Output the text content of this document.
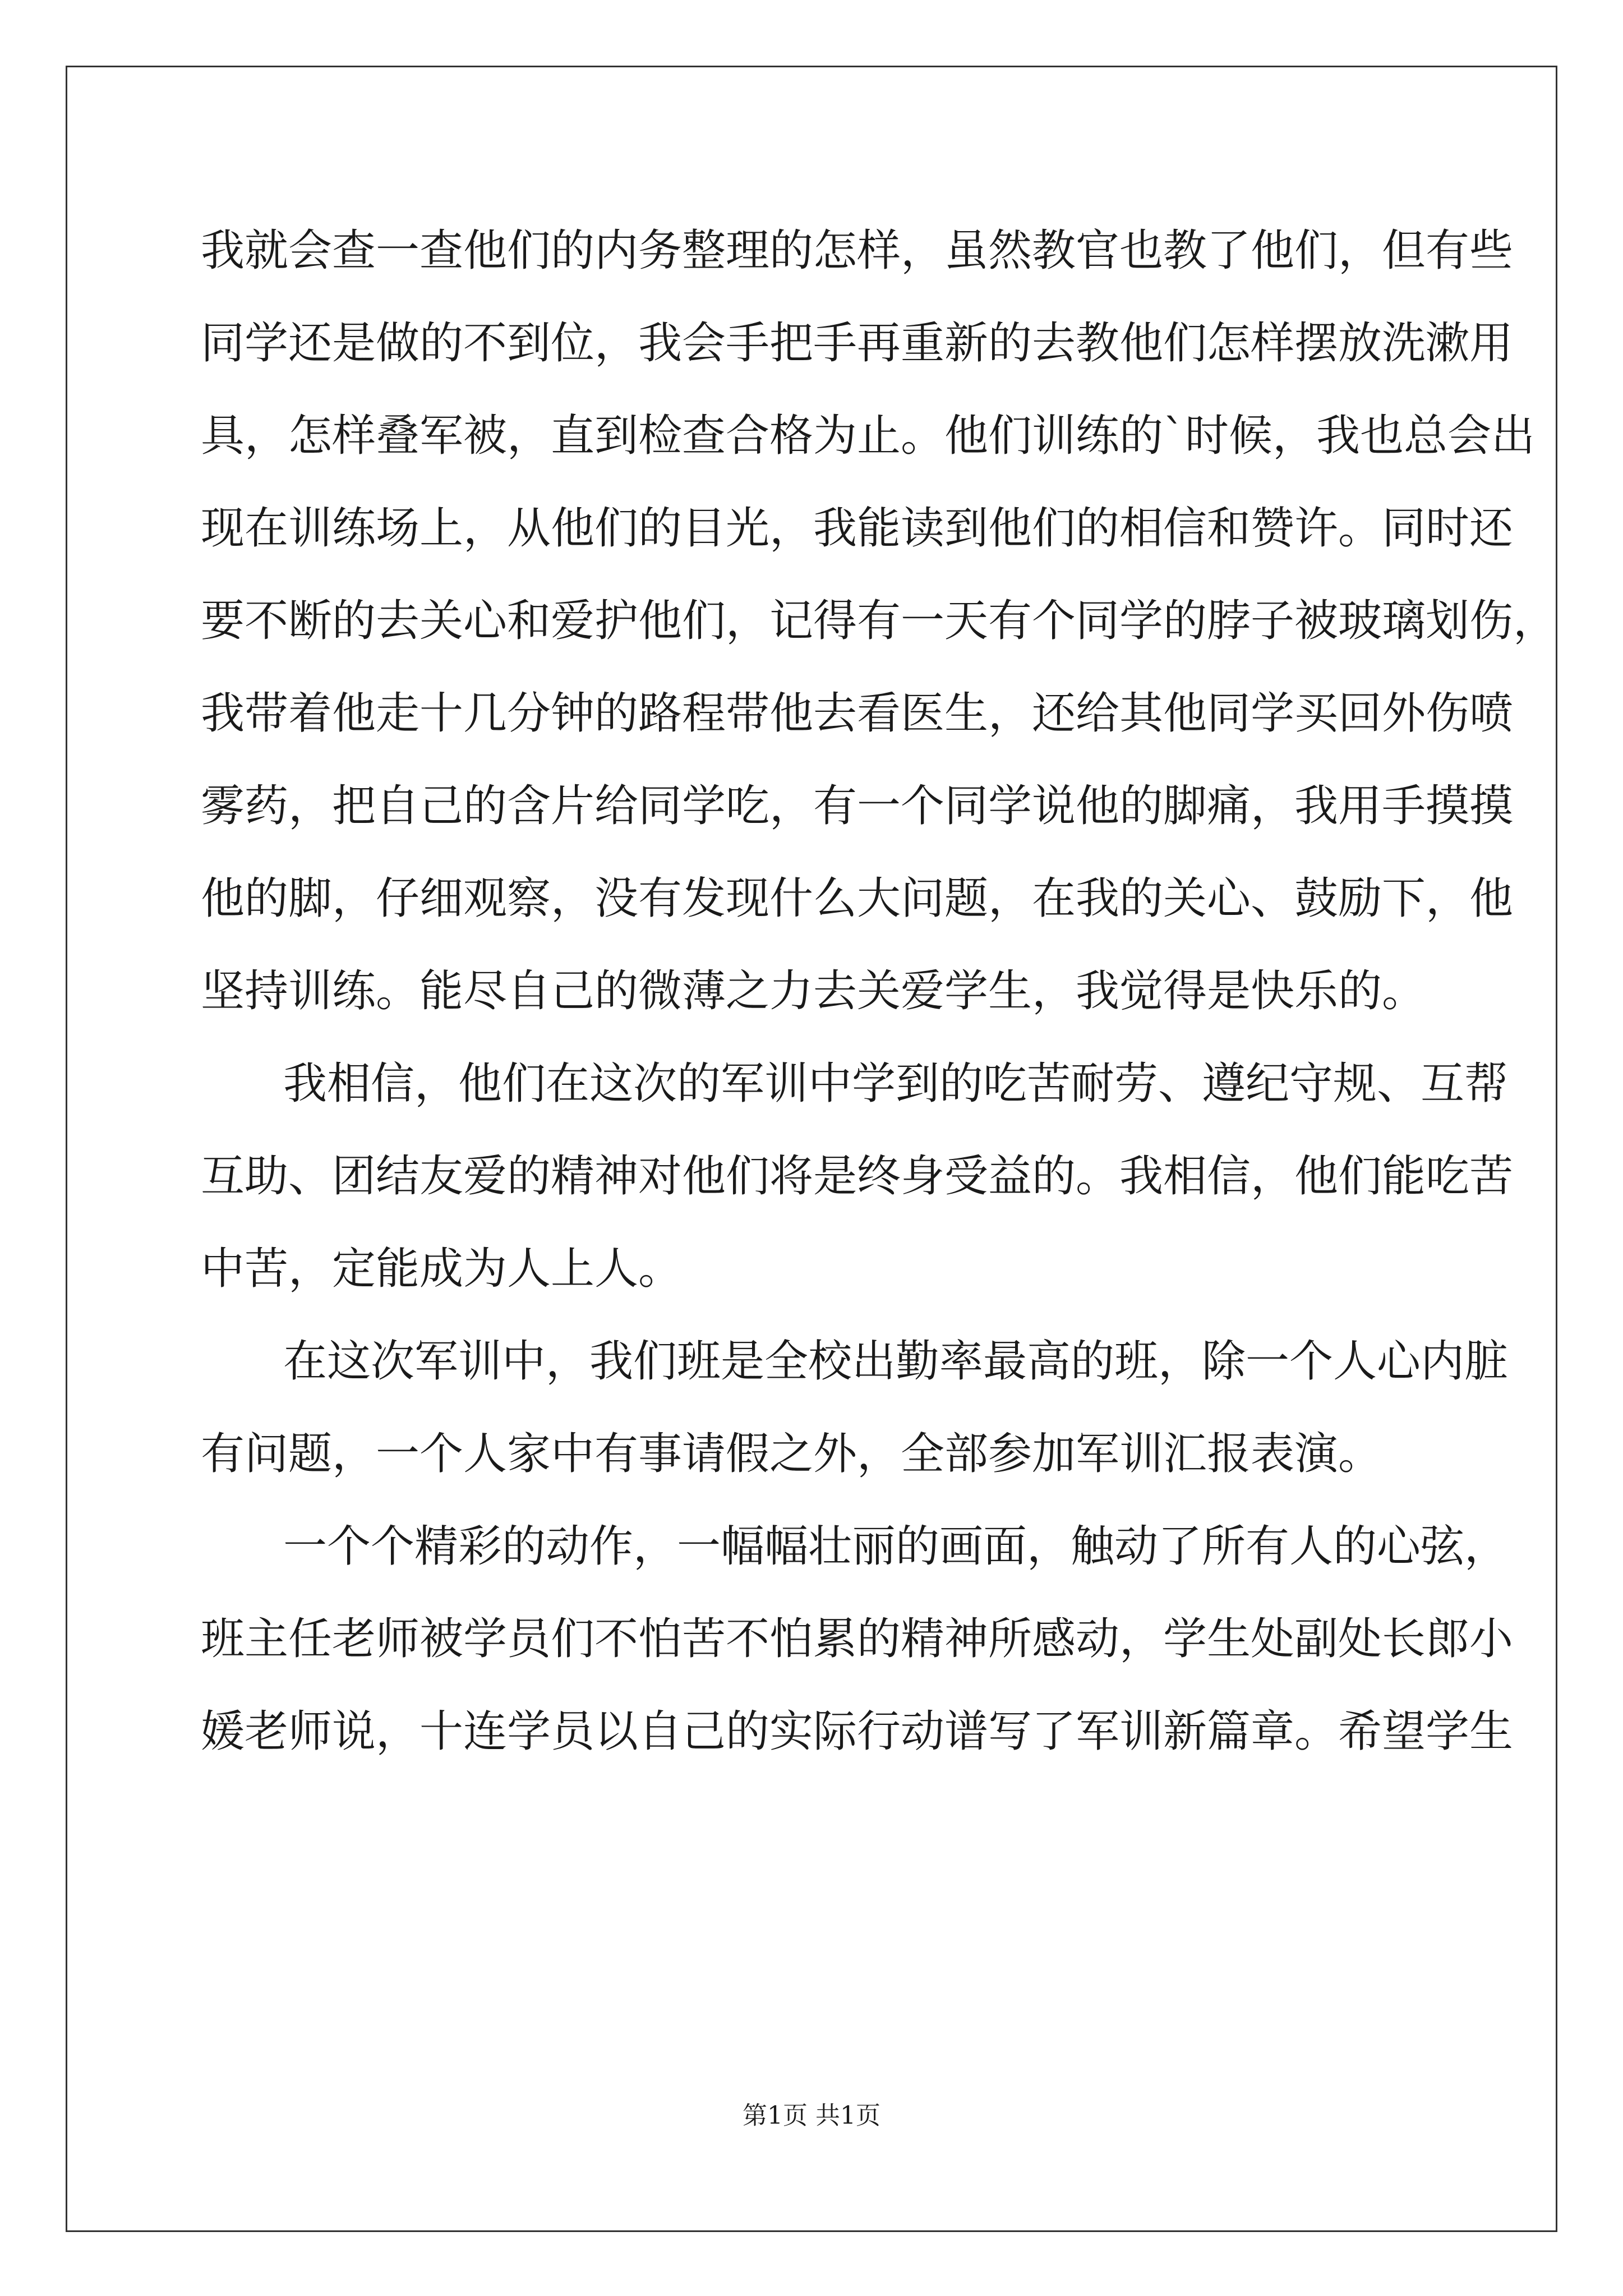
我就会查一查他们的内务整理的怎样，虽然教官也教了他们，但有些
同学还是做的不到位，我会手把手再重新的去教他们怎样摆放洗漱用
具，怎样叠军被，直到检查合格为止。他们训练的`时候，我也总会出
现在训练场上，从他们的目光，我能读到他们的相信和赞许。同时还
要不断的去关心和爱护他们，记得有一天有个同学的脖子被玻璃划伤，
我带着他走十几分钟的路程带他去看医生，还给其他同学买回外伤喷
雾药，把自己的含片给同学吃，有一个同学说他的脚痛，我用手摸摸
他的脚，仔细观察，没有发现什么大问题，在我的关心、鼓励下，他
坚持训练。能尽自己的微薄之力去关爱学生，我觉得是快乐的。
我相信，他们在这次的军训中学到的吃苦耐劳、遵纪守规、互帮
互助、团结友爱的精神对他们将是终身受益的。我相信，他们能吃苦
中苦，定能成为人上人。
在这次军训中，我们班是全校出勤率最高的班，除一个人心内脏
有问题，一个人家中有事请假之外，全部参加军训汇报表演。
一个个精彩的动作，一幅幅壮丽的画面，触动了所有人的心弦，
班主任老师被学员们不怕苦不怕累的精神所感动，学生处副处长郎小
媛老师说，十连学员以自己的实际行动谱写了军训新篇章。希望学生
第1页 共1页
